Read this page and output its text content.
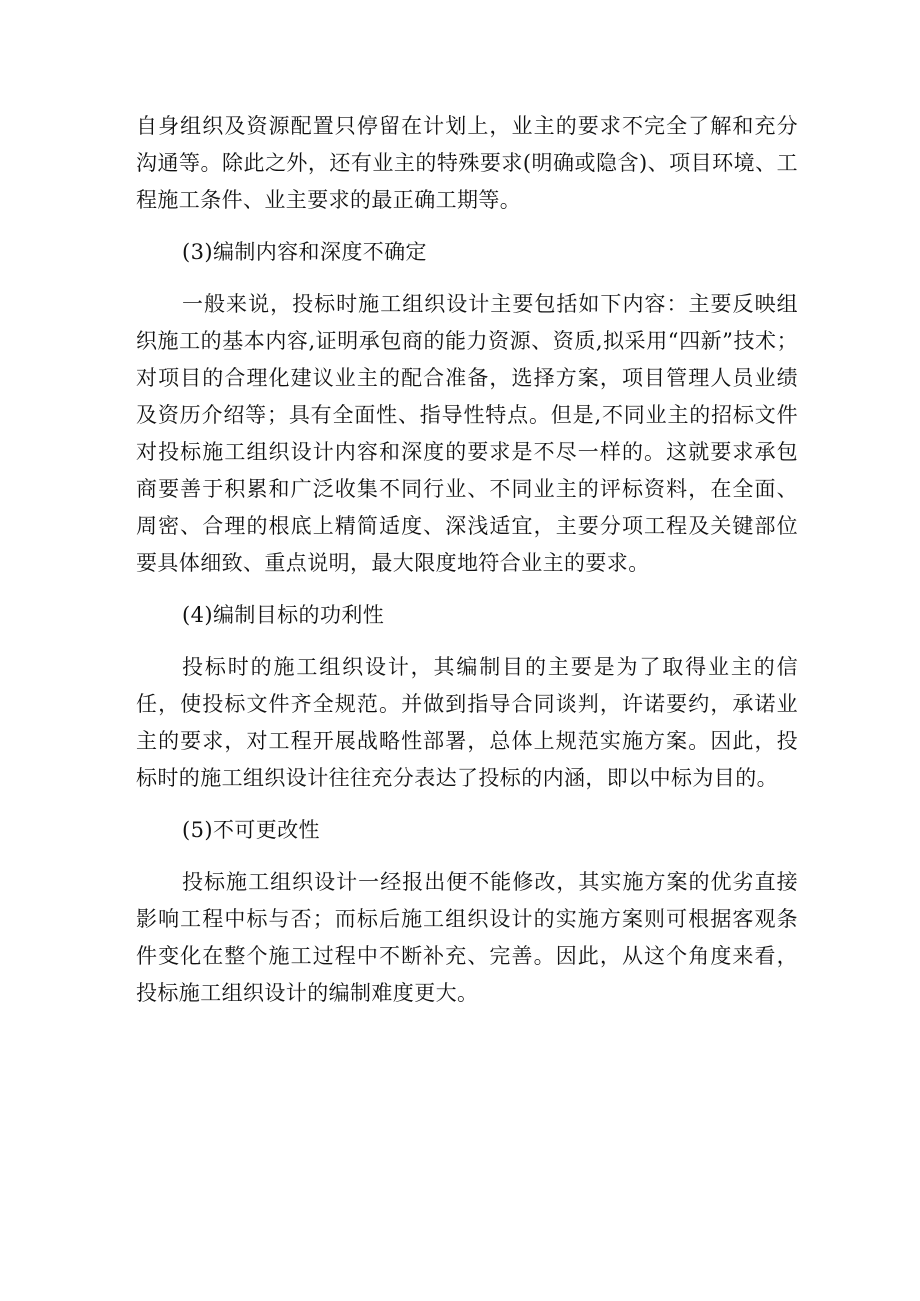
自身组织及资源配置只停留在计划上，业主的要求不完全了解和充分沟通等。除此之外，还有业主的特殊要求(明确或隐含)、项目环境、工程施工条件、业主要求的最正确工期等。

(3)编制内容和深度不确定

一般来说，投标时施工组织设计主要包括如下内容：主要反映组织施工的基本内容,证明承包商的能力资源、资质,拟采用“四新”技术；对项目的合理化建议业主的配合准备，选择方案，项目管理人员业绩及资历介绍等；具有全面性、指导性特点。但是,不同业主的招标文件对投标施工组织设计内容和深度的要求是不尽一样的。这就要求承包商要善于积累和广泛收集不同行业、不同业主的评标资料，在全面、周密、合理的根底上精简适度、深浅适宜，主要分项工程及关键部位要具体细致、重点说明，最大限度地符合业主的要求。

(4)编制目标的功利性

投标时的施工组织设计，其编制目的主要是为了取得业主的信任，使投标文件齐全规范。并做到指导合同谈判，许诺要约，承诺业主的要求，对工程开展战略性部署，总体上规范实施方案。因此，投标时的施工组织设计往往充分表达了投标的内涵，即以中标为目的。

(5)不可更改性

投标施工组织设计一经报出便不能修改，其实施方案的优劣直接影响工程中标与否；而标后施工组织设计的实施方案则可根据客观条件变化在整个施工过程中不断补充、完善。因此，从这个角度来看，投标施工组织设计的编制难度更大。
